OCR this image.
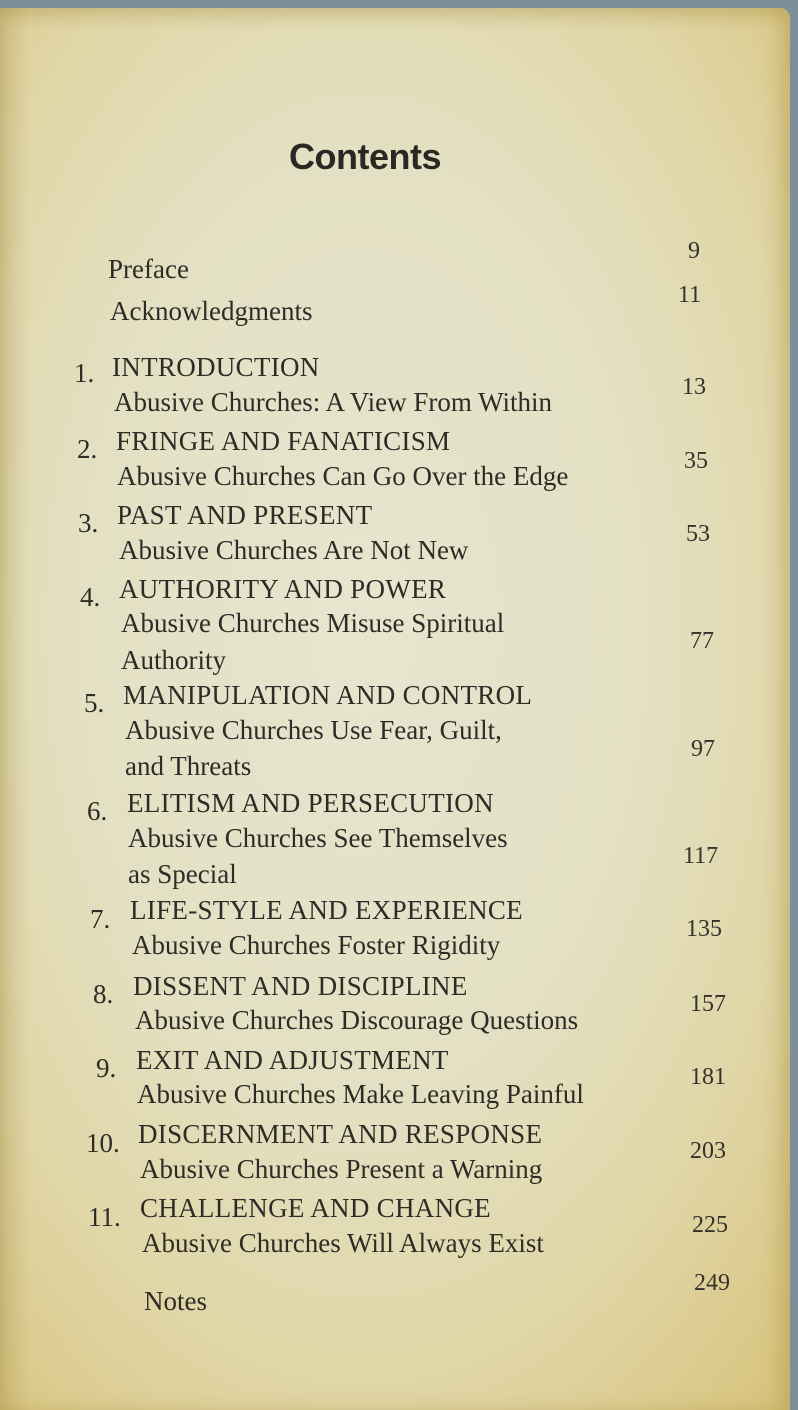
Contents
Preface
9
Acknowledgments
11
1. INTRODUCTION
Abusive Churches: A View From Within	13
2. FRINGE AND FANATICISM
Abusive Churches Can Go Over the Edge	35
3. PAST AND PRESENT
Abusive Churches Are Not New
53
4. AUTHORITY AND POWER
Abusive Churches Misuse Spiritual
Authority
77
5. MANIPULATION AND CONTROL
Abusive Churches Use Fear, Guilt,
and Threats
97
6. ELITISM AND PERSECUTION
Abusive Churches See Themselves
as Special
117
7. LIFE-STYLE AND EXPERIENCE
Abusive Churches Foster Rigidity
135
8. DISSENT AND DISCIPLINE
Abusive Churches Discourage Questions
157
9. EXIT AND ADJUSTMENT
Abusive Churches Make Leaving Painful
181
10. DISCERNMENT AND RESPONSE
Abusive Churches Present a Warning
203
11. CHALLENGE AND CHANGE
Abusive Churches Will Always Exist
225
Notes
249
